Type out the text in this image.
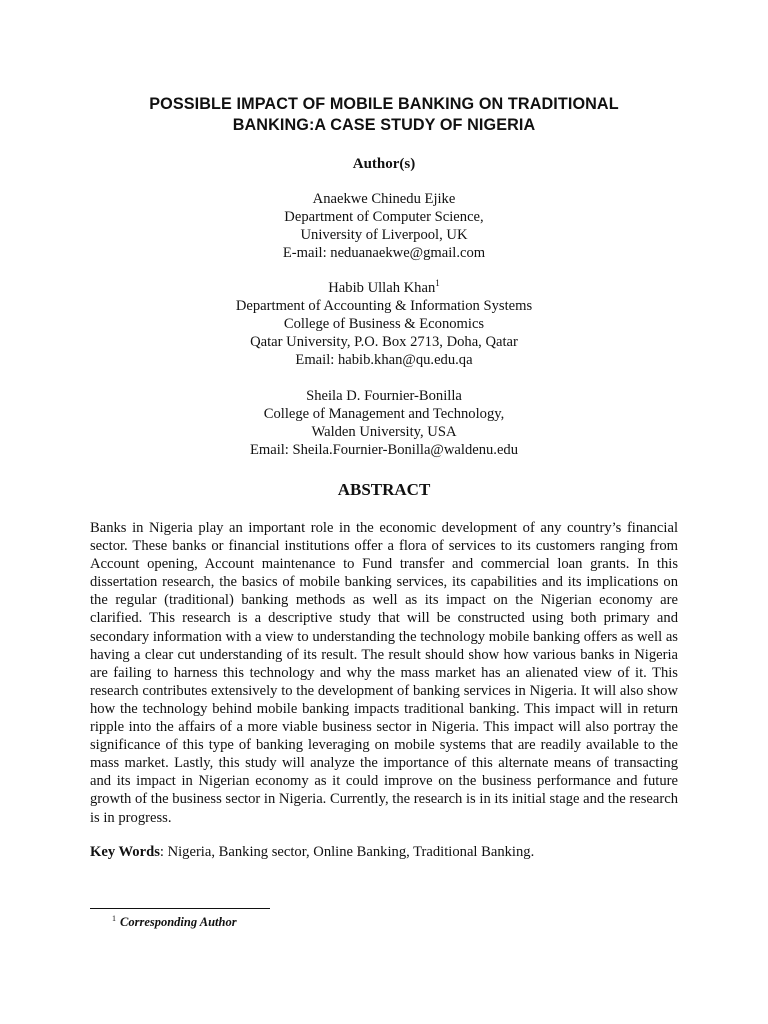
POSSIBLE IMPACT OF MOBILE BANKING ON TRADITIONAL
BANKING:A CASE STUDY OF NIGERIA
Author(s)
Anaekwe Chinedu Ejike
Department of Computer Science,
University of Liverpool, UK
E-mail: neduanaekwe@gmail.com
Habib Ullah Khan$^1$
Department of Accounting & Information Systems
College of Business & Economics
Qatar University, P.O. Box 2713, Doha, Qatar
Email: habib.khan@qu.edu.qa
Sheila D. Fournier-Bonilla
College of Management and Technology,
Walden University, USA
Email: Sheila.Fournier-Bonilla@waldenu.edu
ABSTRACT

Banks in Nigeria play an important role in the economic development of any country’s financial sector. These banks or financial institutions offer a flora of services to its customers ranging from Account opening, Account maintenance to Fund transfer and commercial loan grants. In this dissertation research, the basics of mobile banking services, its capabilities and its implications on the regular (traditional) banking methods as well as its impact on the Nigerian economy are clarified. This research is a descriptive study that will be constructed using both primary and secondary information with a view to understanding the technology mobile banking offers as well as having a clear cut understanding of its result. The result should show how various banks in Nigeria are failing to harness this technology and why the mass market has an alienated view of it. This research contributes extensively to the development of banking services in Nigeria. It will also show how the technology behind mobile banking impacts traditional banking. This impact will in return ripple into the affairs of a more viable business sector in Nigeria. This impact will also portray the significance of this type of banking leveraging on mobile systems that are readily available to the mass market. Lastly, this study will analyze the importance of this alternate means of transacting and its impact in Nigerian economy as it could improve on the business performance and future growth of the business sector in Nigeria. Currently, the research is in its initial stage and the research is in progress.

Key Words: Nigeria, Banking sector, Online Banking, Traditional Banking.
$^1$ Corresponding Author
